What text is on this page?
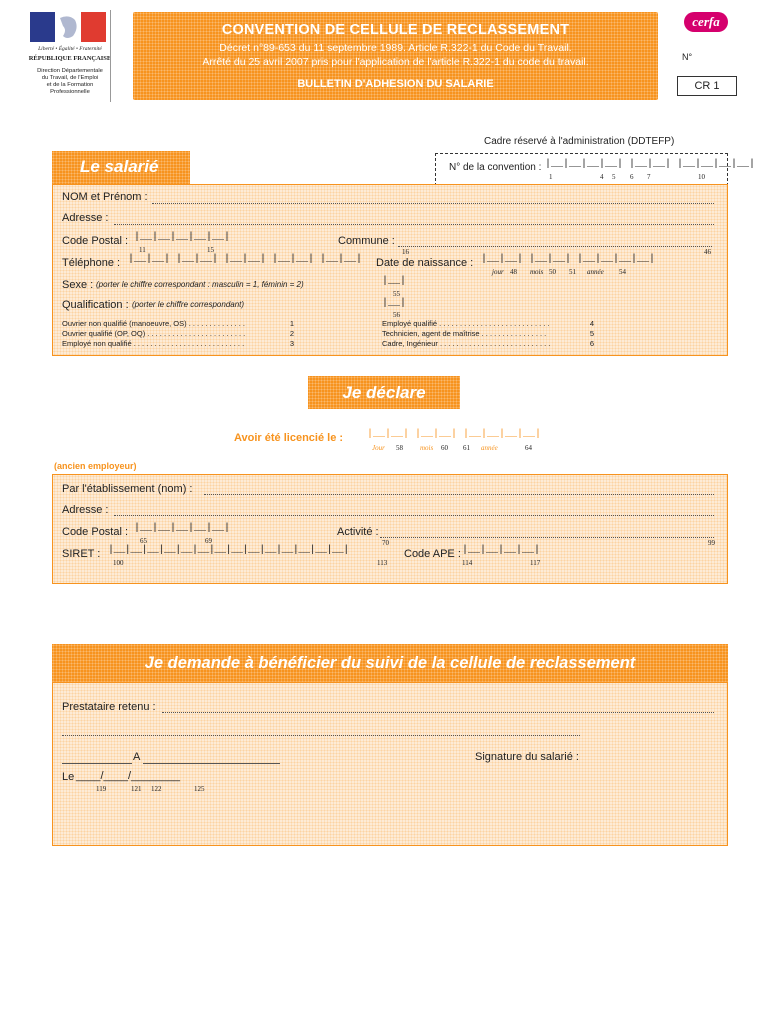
Liberté • Égalité • Fraternité
RÉPUBLIQUE FRANÇAISE
Direction Départementale
du Travail, de l'Emploi
et de la Formation
Professionnelle
CONVENTION DE CELLULE DE RECLASSEMENT
Décret n°89-653 du 11 septembre 1989. Article R.322-1 du Code du Travail.
Arrêté du 25 avril 2007 pris pour l'application de l'article R.322-1 du code du travail.
BULLETIN D'ADHESION DU SALARIE
cerfa
N°
CR 1
Cadre réservé à l'administration (DDTEFP)
N° de la convention : |__|__|__|__| |__|__| |__|__|__|__|
1	4 5 6 7	10
Le salarié
NOM et Prénom :
Adresse :
Code Postal : |__|__|__|__|__|
11	15
Commune :
16	46
Téléphone : |__|__| |__|__| |__|__| |__|__| |__|__| Date de naissance : |__|__| |__|__| |__|__|__|__|
jour 48 mois 50 51 année 54
Sexe : (porter le chiffre correspondant : masculin = 1, féminin = 2)	|__|
55
Qualification : (porter le chiffre correspondant)	|__|
56
Ouvrier non qualifié (manoeuvre, OS) . . . . . . . . . . . . . .	1
Ouvrier qualifié (OP, OQ) . . . . . . . . . . . . . . . . . . . . . . . .	2
Employé non qualifié . . . . . . . . . . . . . . . . . . . . . . . . . . .	3
Employé qualifié . . . . . . . . . . . . . . . . . . . . . . . . . . .	4
Technicien, agent de maîtrise . . . . . . . . . . . . . . . .	5
Cadre, Ingénieur . . . . . . . . . . . . . . . . . . . . . . . . . . .	6
Je déclare
Avoir été licencié le : |__|__| |__|__| |__|__|__|__|
Jour 58 mois 60 61 année	64
(ancien employeur)
Par l'établissement (nom) :
Adresse :
Code Postal : |__|__|__|__|__|
65	69
Activité :
70	99
SIRET : |__|__|__|__|__|__|__|__|__|__|__|__|__|__|
100	113
Code APE : |__|__|__|__|
114	117
Je demande à bénéficier du suivi de la cellule de reclassement
Prestataire retenu :
A	Signature du salarié :
Le ____/____/________
119	121 122	125
